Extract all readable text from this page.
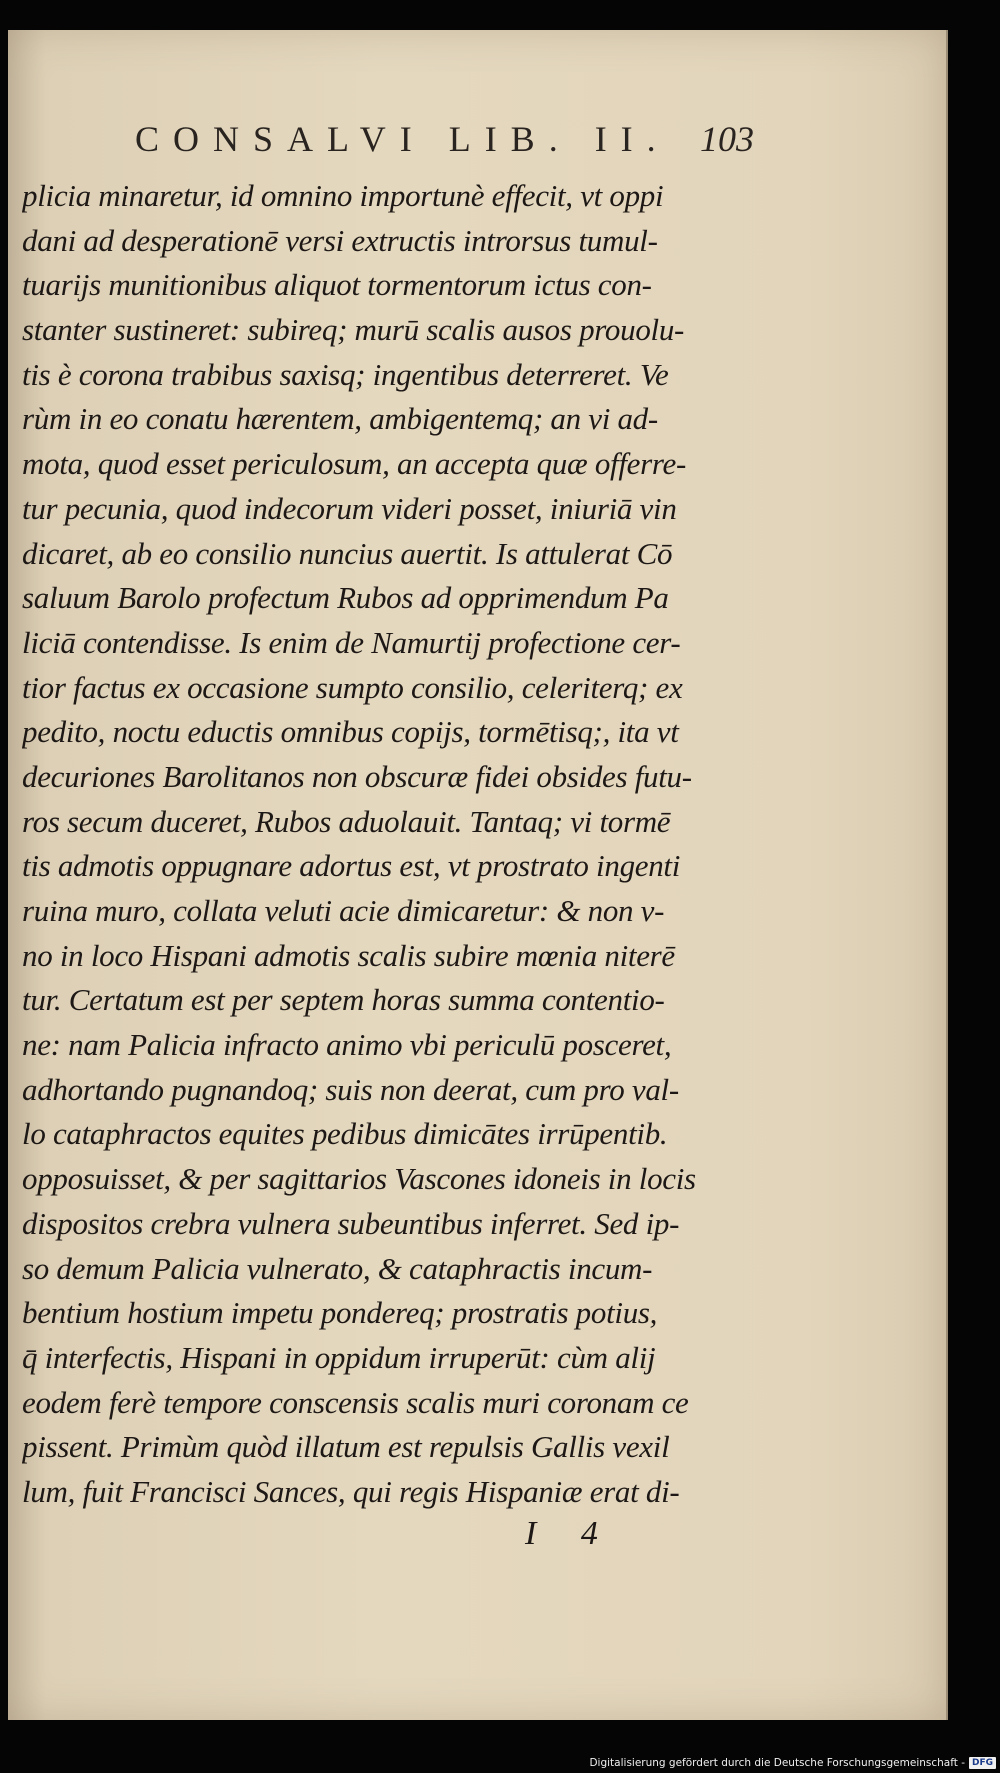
CONSALVI LIB. II. 103
plicia minaretur, id omnino importunè effecit, vt oppi
dani ad desperationē versi extructis introrsus tumul-
tuarijs munitionibus aliquot tormentorum ictus con-
stanter sustineret: subireq; murū scalis ausos prouolu-
tis è corona trabibus saxisq; ingentibus deterreret. Ve
rùm in eo conatu hærentem, ambigentemq; an vi ad-
mota, quod esset periculosum, an accepta quæ offerre-
tur pecunia, quod indecorum videri posset, iniuriā vin
dicaret, ab eo consilio nuncius auertit. Is attulerat Cō
saluum Barolo profectum Rubos ad opprimendum Pa
liciā contendisse. Is enim de Namurtij profectione cer-
tior factus ex occasione sumpto consilio, celeriterq; ex
pedito, noctu eductis omnibus copijs, tormētisq;, ita vt
decuriones Barolitanos non obscuræ fidei obsides futu-
ros secum duceret, Rubos aduolauit. Tantaq; vi tormē
tis admotis oppugnare adortus est, vt prostrato ingenti
ruina muro, collata veluti acie dimicaretur: & non v-
no in loco Hispani admotis scalis subire mœnia niterē
tur. Certatum est per septem horas summa contentio-
ne: nam Palicia infracto animo vbi periculū posceret,
adhortando pugnandoq; suis non deerat, cum pro val-
lo cataphractos equites pedibus dimicātes irrūpentib.
opposuisset, & per sagittarios Vascones idoneis in locis
dispositos crebra vulnera subeuntibus inferret. Sed ip-
so demum Palicia vulnerato, & cataphractis incum-
bentium hostium impetu pondereq; prostratis potius,
q̄ interfectis, Hispani in oppidum irruperūt: cùm alij
eodem ferè tempore conscensis scalis muri coronam ce
pissent. Primùm quòd illatum est repulsis Gallis vexil
lum, fuit Francisci Sances, qui regis Hispaniæ erat di-
I 4
Digitalisierung gefördert durch die Deutsche Forschungsgemeinschaft - DFG
